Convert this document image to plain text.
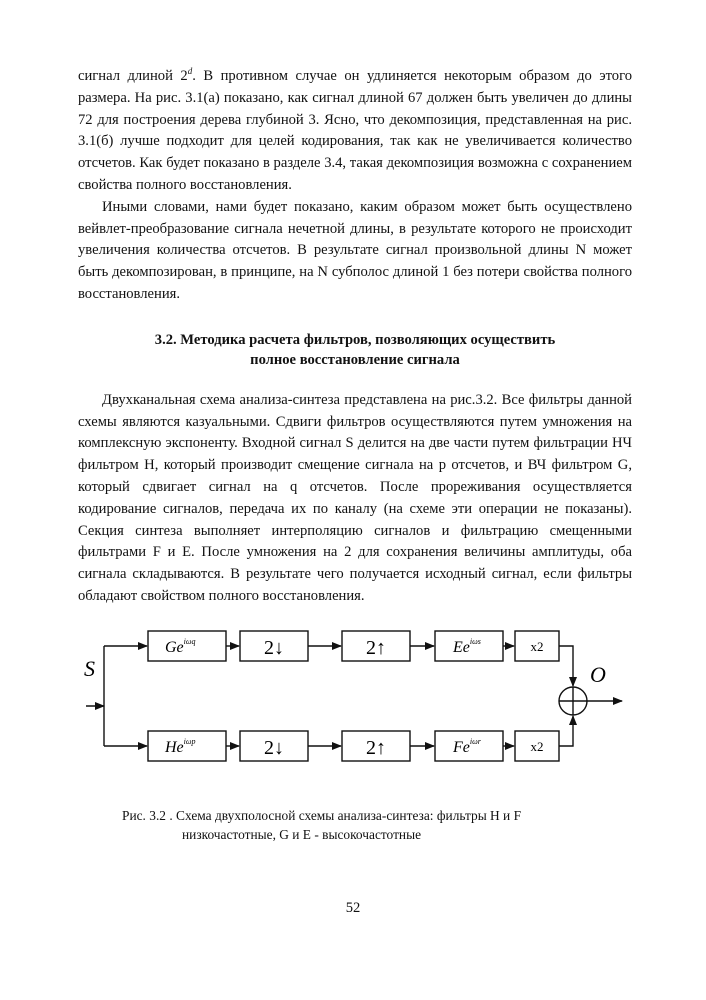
сигнал длиной 2$^d$. В противном случае он удлиняется некоторым образом до этого размера. На рис. 3.1(а) показано, как сигнал длиной 67 должен быть увеличен до длины 72 для построения дерева глубиной 3. Ясно, что декомпозиция, представленная на рис. 3.1(б) лучше подходит для целей кодирования, так как не увеличивается количество отсчетов. Как будет показано в разделе 3.4, такая декомпозиция возможна с сохранением свойства полного восстановления.

Иными словами, нами будет показано, каким образом может быть осуществлено вейвлет-преобразование сигнала нечетной длины, в результате которого не происходит увеличения количества отсчетов. В результате сигнал произвольной длины N может быть декомпозирован, в принципе, на N субполос длиной 1 без потери свойства полного восстановления.

3.2. Методика расчета фильтров, позволяющих осуществить
полное восстановление сигнала

Двухканальная схема анализа-синтеза представлена на рис.3.2. Все фильтры данной схемы являются казуальными. Сдвиги фильтров осуществляются путем умножения на комплексную экспоненту. Входной сигнал S делится на две части путем фильтрации НЧ фильтром H, который производит смещение сигнала на p отсчетов, и ВЧ фильтром G, который сдвигает сигнал на q отсчетов. После прореживания осуществляется кодирование сигналов, передача их по каналу (на схеме эти операции не показаны). Секция синтеза выполняет интерполяцию сигналов и фильтрацию смещенными фильтрами F и E. После умножения на 2 для сохранения величины амплитуды, оба сигнала складываются. В результате чего получается исходный сигнал, если фильтры обладают свойством полного восстановления.

S	O
$Ge^{i\omega q}$
$He^{i\omega p}$
2↓
2↓
2↑
2↑
$Ee^{i\omega s}$
$Fe^{i\omega r}$
x2
x2
Рис. 3.2 . Схема двухполосной схемы анализа-синтеза: фильтры H и F
низкочастотные, G и E - высокочастотные
52
